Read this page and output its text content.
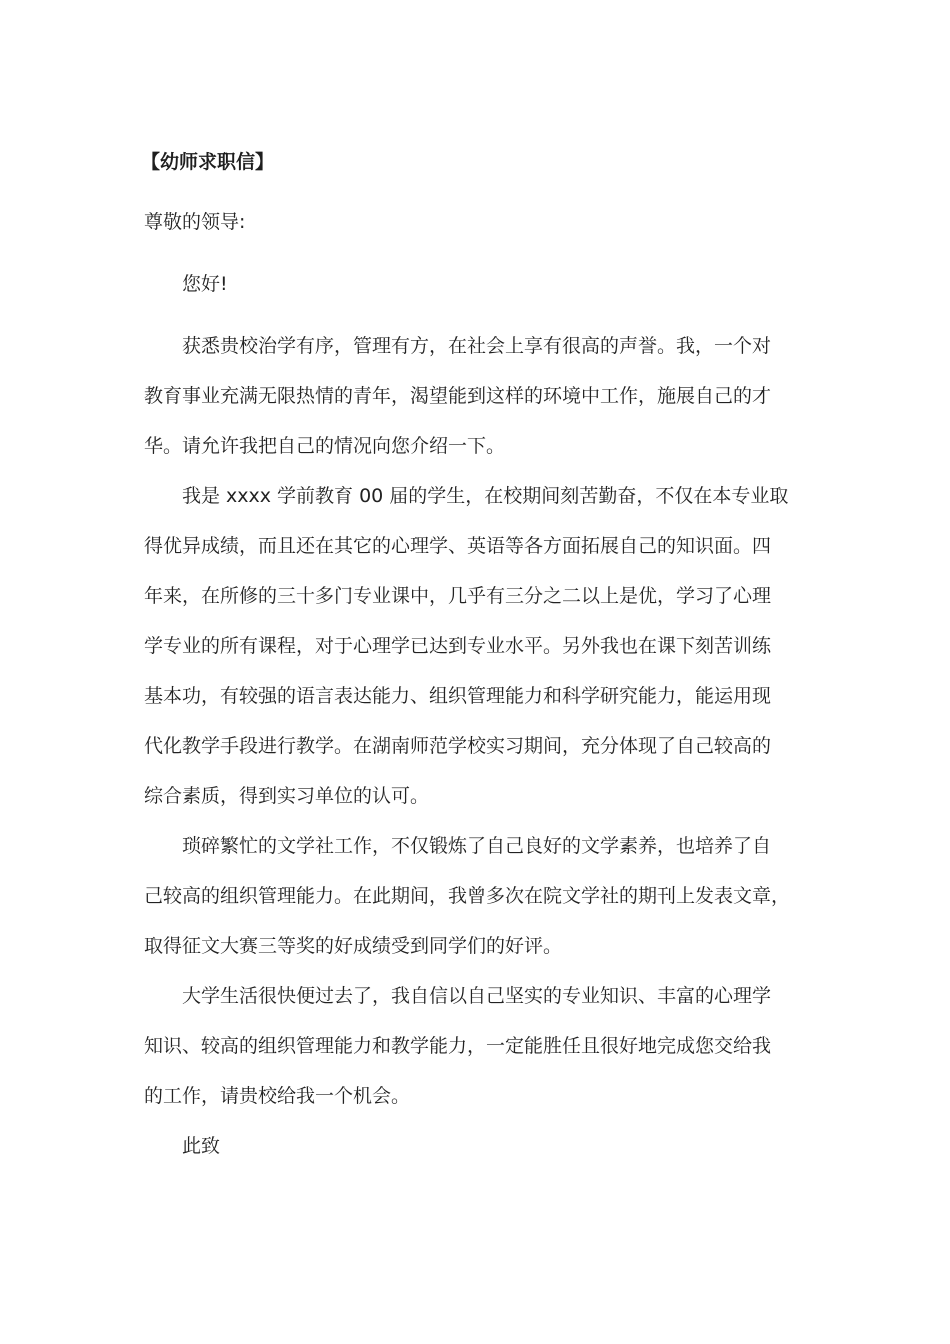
【幼师求职信】
尊敬的领导:
您好!
获悉贵校治学有序，管理有方，在社会上享有很高的声誉。我，一个对
教育事业充满无限热情的青年，渴望能到这样的环境中工作，施展自己的才
华。请允许我把自己的情况向您介绍一下。
我是 xxxx 学前教育 00 届的学生，在校期间刻苦勤奋，不仅在本专业取
得优异成绩，而且还在其它的心理学、英语等各方面拓展自己的知识面。四
年来，在所修的三十多门专业课中，几乎有三分之二以上是优，学习了心理
学专业的所有课程，对于心理学已达到专业水平。另外我也在课下刻苦训练
基本功，有较强的语言表达能力、组织管理能力和科学研究能力，能运用现
代化教学手段进行教学。在湖南师范学校实习期间，充分体现了自己较高的
综合素质，得到实习单位的认可。
琐碎繁忙的文学社工作，不仅锻炼了自己良好的文学素养，也培养了自
己较高的组织管理能力。在此期间，我曾多次在院文学社的期刊上发表文章，
取得征文大赛三等奖的好成绩受到同学们的好评。
大学生活很快便过去了，我自信以自己坚实的专业知识、丰富的心理学
知识、较高的组织管理能力和教学能力，一定能胜任且很好地完成您交给我
的工作，请贵校给我一个机会。
此致
